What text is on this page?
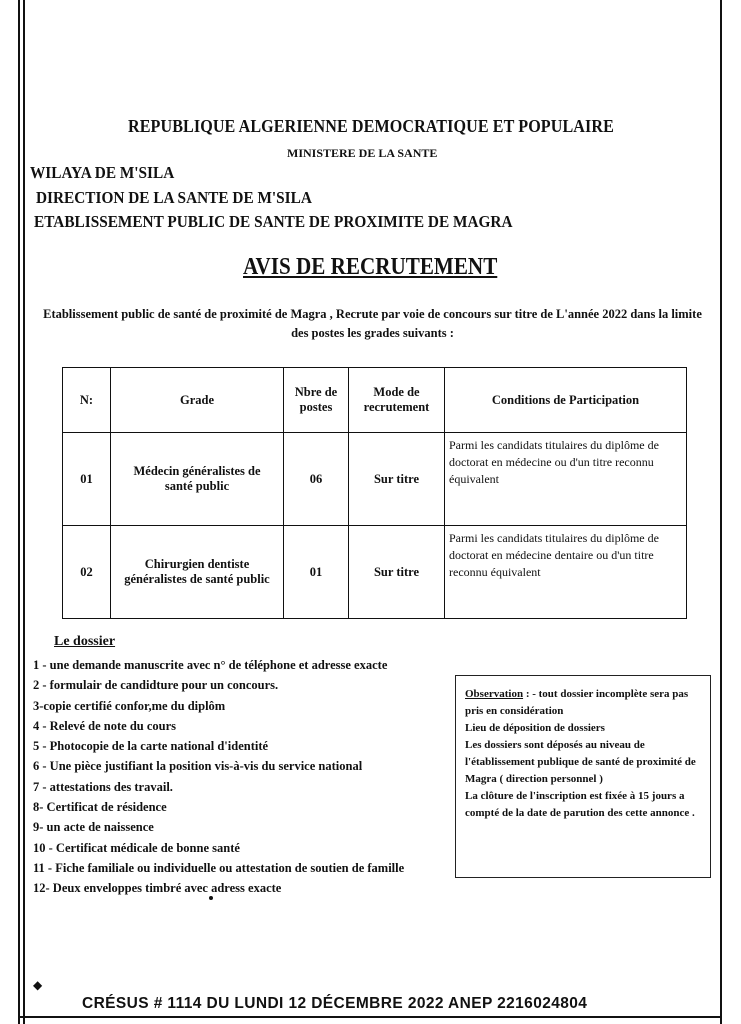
REPUBLIQUE ALGERIENNE DEMOCRATIQUE ET POPULAIRE
MINISTERE DE LA SANTE
WILAYA DE M'SILA
DIRECTION DE LA SANTE DE M'SILA
ETABLISSEMENT PUBLIC DE SANTE DE PROXIMITE DE MAGRA
AVIS DE RECRUTEMENT
Etablissement public de santé de proximité de Magra , Recrute par voie de concours sur titre de L'année 2022 dans la limite des postes les grades suivants :
N:	Grade	Nbre de postes	Mode de recrutement	Conditions de Participation
01	Médecin généralistes de santé public	06	Sur titre	Parmi les candidats titulaires du diplôme de doctorat en médecine ou d'un titre reconnu équivalent
02	Chirurgien dentiste généralistes de santé public	01	Sur titre	Parmi les candidats titulaires du diplôme de doctorat en médecine dentaire ou d'un titre reconnu équivalent
Le dossier
1 - une demande manuscrite avec n° de téléphone et adresse exacte
2 - formulair de candidture pour un concours.
3-copie certifié confor,me du diplôm
4 - Relevé de note du cours
5 - Photocopie de la carte national d'identité
6 - Une pièce justifiant la position vis-à-vis du service national
7 - attestations des travail.
8- Certificat de résidence
9- un acte de naissence
10 - Certificat médicale de bonne santé
11 - Fiche familiale ou individuelle ou attestation de soutien de famille
12- Deux enveloppes timbré avec adress exacte
Observation : - tout dossier incomplète sera pas pris en considération
Lieu de déposition de dossiers
Les dossiers sont déposés au niveau de l'établissement publique de santé de proximité de Magra ( direction personnel )
La clôture de l'inscription est fixée à 15 jours a compté de la date de parution des cette annonce .
◆
CRÉSUS # 1114 DU LUNDI 12 DÉCEMBRE 2022 ANEP 2216024804
